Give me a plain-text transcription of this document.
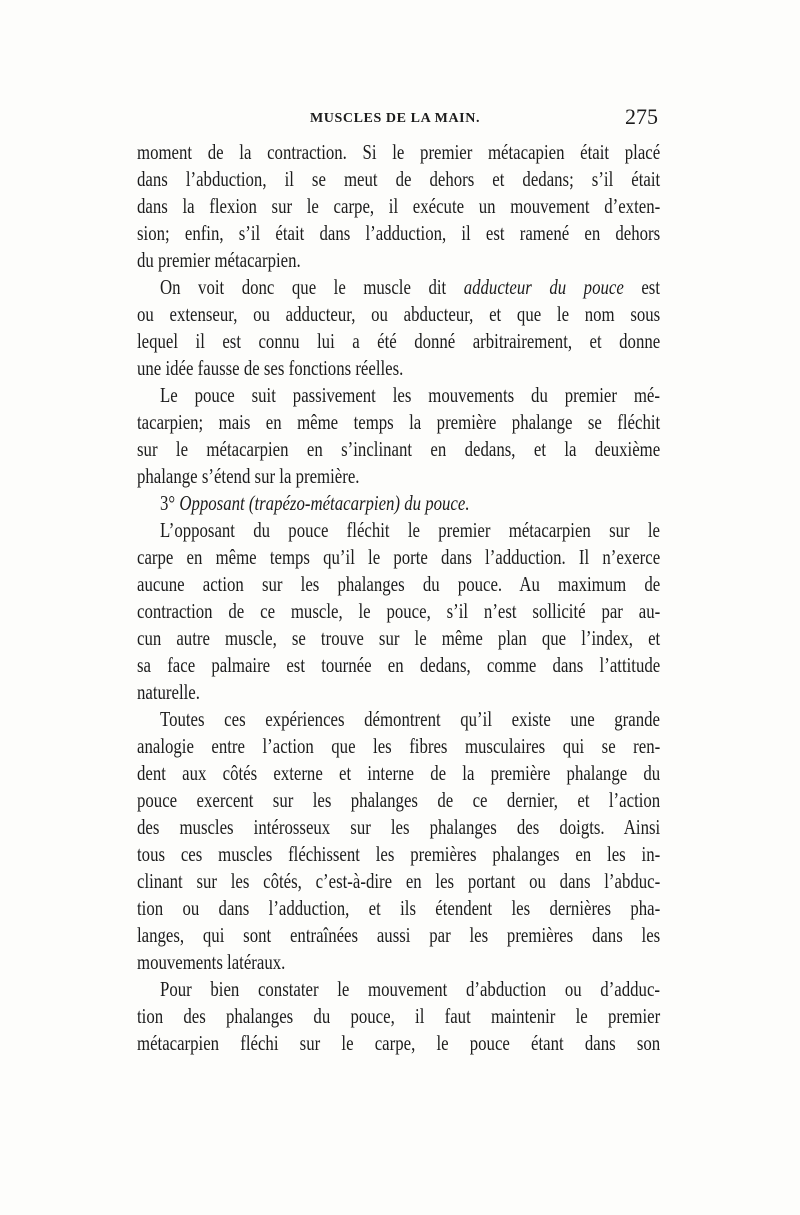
MUSCLES DE LA MAIN.	275
moment de la contraction. Si le premier métacapien était placé
dans l’abduction, il se meut de dehors et dedans; s’il était
dans la flexion sur le carpe, il exécute un mouvement d’exten-
sion; enfin, s’il était dans l’adduction, il est ramené en dehors
du premier métacarpien.
On voit donc que le muscle dit adducteur du pouce est
ou extenseur, ou adducteur, ou abducteur, et que le nom sous
lequel il est connu lui a été donné arbitrairement, et donne
une idée fausse de ses fonctions réelles.
Le pouce suit passivement les mouvements du premier mé-
tacarpien; mais en même temps la première phalange se fléchit
sur le métacarpien en s’inclinant en dedans, et la deuxième
phalange s’étend sur la première.
3° Opposant (trapézo-métacarpien) du pouce.
L’opposant du pouce fléchit le premier métacarpien sur le
carpe en même temps qu’il le porte dans l’adduction. Il n’exerce
aucune action sur les phalanges du pouce. Au maximum de
contraction de ce muscle, le pouce, s’il n’est sollicité par au-
cun autre muscle, se trouve sur le même plan que l’index, et
sa face palmaire est tournée en dedans, comme dans l’attitude
naturelle.
Toutes ces expériences démontrent qu’il existe une grande
analogie entre l’action que les fibres musculaires qui se ren-
dent aux côtés externe et interne de la première phalange du
pouce exercent sur les phalanges de ce dernier, et l’action
des muscles intérosseux sur les phalanges des doigts. Ainsi
tous ces muscles fléchissent les premières phalanges en les in-
clinant sur les côtés, c’est-à-dire en les portant ou dans l’abduc-
tion ou dans l’adduction, et ils étendent les dernières pha-
langes, qui sont entraînées aussi par les premières dans les
mouvements latéraux.
Pour bien constater le mouvement d’abduction ou d’adduc-
tion des phalanges du pouce, il faut maintenir le premier
métacarpien fléchi sur le carpe, le pouce étant dans son
